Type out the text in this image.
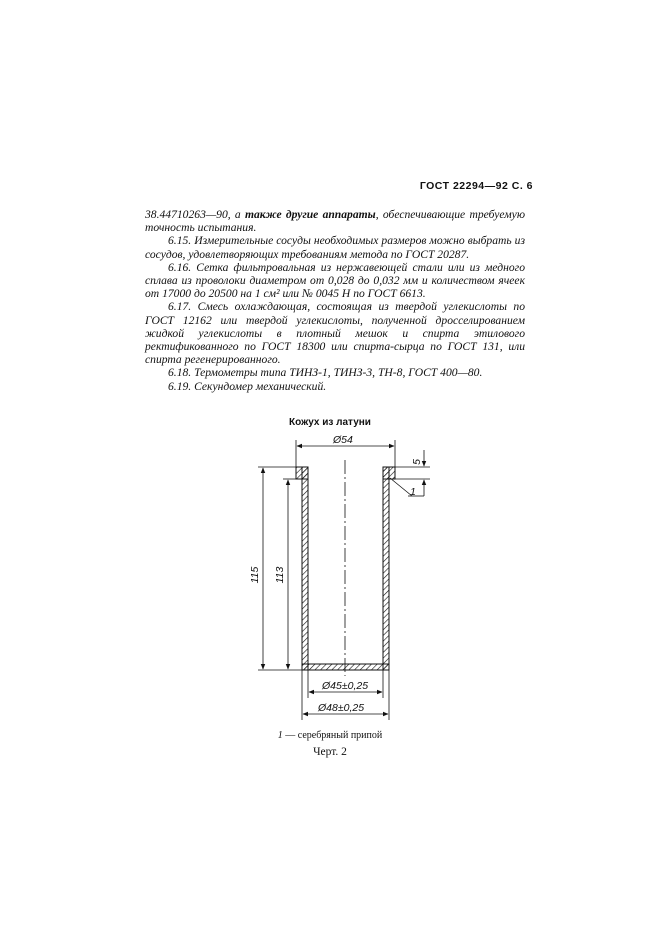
ГОСТ 22294—92 С. 6

38.44710263—90, а также другие аппараты, обеспечивающие требуемую точность испытания.

6.15. Измерительные сосуды необходимых размеров можно выбрать из сосудов, удовлетворяющих требованиям метода по ГОСТ 20287.

6.16. Сетка фильтровальная из нержавеющей стали или из медного сплава из проволоки диаметром от 0,028 до 0,032 мм и количеством ячеек от 17000 до 20500 на 1 см² или № 0045 Н по ГОСТ 6613.

6.17. Смесь охлаждающая, состоящая из твердой углекислоты по ГОСТ 12162 или твердой углекислоты, полученной дросселированием жидкой углекислоты в плотный мешок и спирта этилового ректификованного по ГОСТ 18300 или спирта-сырца по ГОСТ 131, или спирта регенерированного.

6.18. Термометры типа ТИНЗ-1, ТИНЗ-3, ТН-8, ГОСТ 400—80.

6.19. Секундомер механический.

Кожух из латуни
Ø54
5
1
115 113
Ø45±0,25
Ø48±0,25
1 — серебряный припой
Черт. 2
